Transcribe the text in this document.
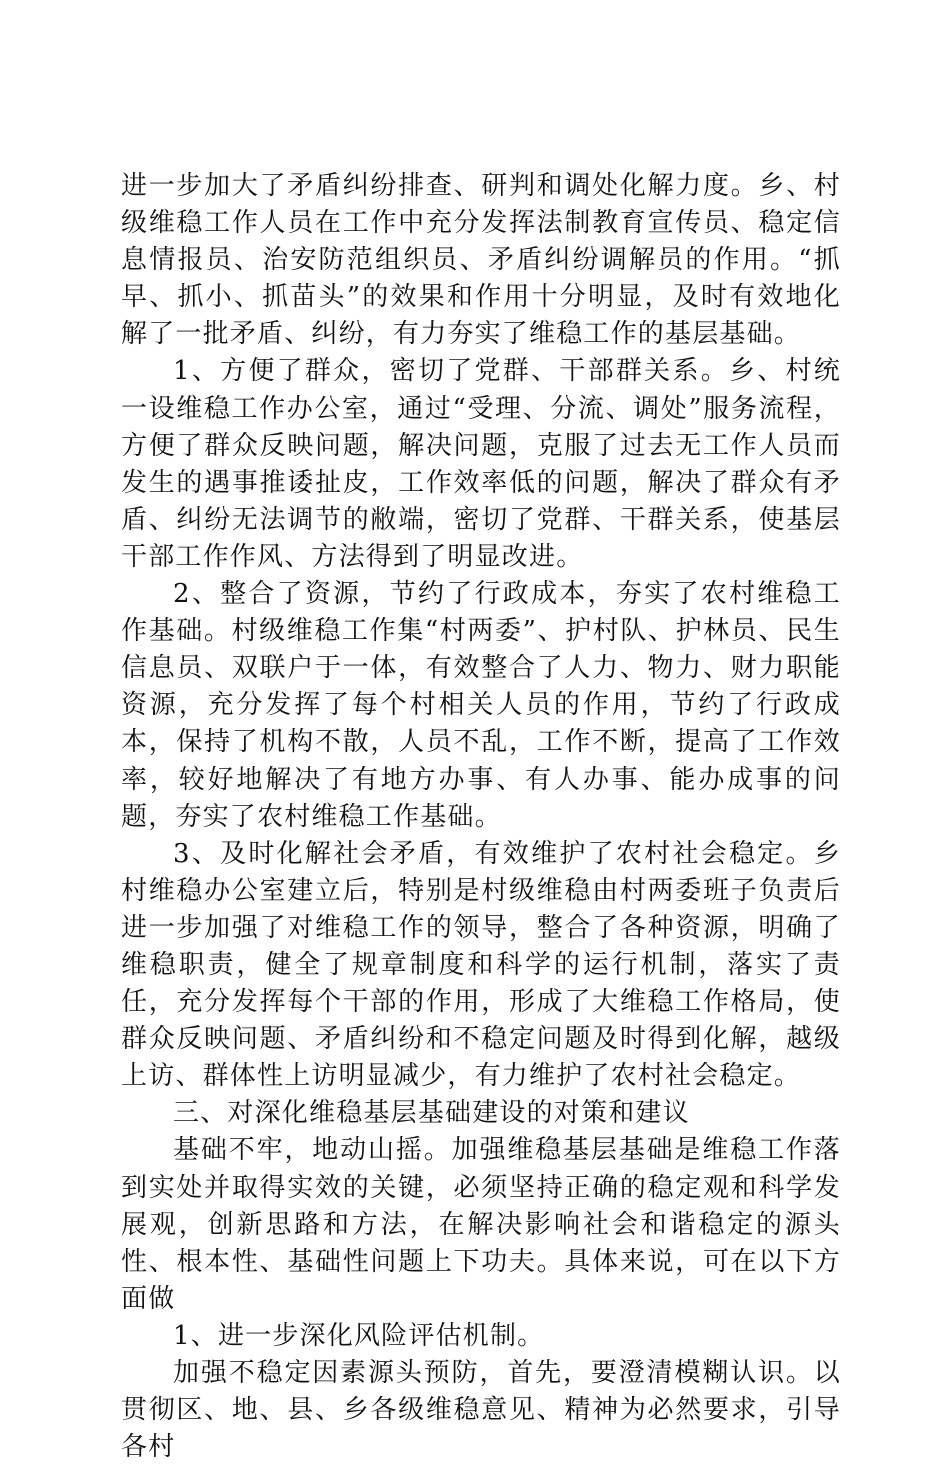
进一步加大了矛盾纠纷排查、研判和调处化解力度。乡、村级维稳工作人员在工作中充分发挥法制教育宣传员、稳定信息情报员、治安防范组织员、矛盾纠纷调解员的作用。“抓早、抓小、抓苗头”的效果和作用十分明显，及时有效地化解了一批矛盾、纠纷，有力夯实了维稳工作的基层基础。

1、方便了群众，密切了党群、干部群关系。乡、村统一设维稳工作办公室，通过“受理、分流、调处”服务流程，方便了群众反映问题，解决问题，克服了过去无工作人员而发生的遇事推诿扯皮，工作效率低的问题，解决了群众有矛盾、纠纷无法调节的敝端，密切了党群、干群关系，使基层干部工作作风、方法得到了明显改进。

2、整合了资源，节约了行政成本，夯实了农村维稳工作基础。村级维稳工作集“村两委”、护村队、护林员、民生信息员、双联户于一体，有效整合了人力、物力、财力职能资源，充分发挥了每个村相关人员的作用，节约了行政成本，保持了机构不散，人员不乱，工作不断，提高了工作效率，较好地解决了有地方办事、有人办事、能办成事的问题，夯实了农村维稳工作基础。

3、及时化解社会矛盾，有效维护了农村社会稳定。乡村维稳办公室建立后，特别是村级维稳由村两委班子负责后进一步加强了对维稳工作的领导，整合了各种资源，明确了维稳职责，健全了规章制度和科学的运行机制，落实了责任，充分发挥每个干部的作用，形成了大维稳工作格局，使群众反映问题、矛盾纠纷和不稳定问题及时得到化解，越级上访、群体性上访明显减少，有力维护了农村社会稳定。

三、对深化维稳基层基础建设的对策和建议

基础不牢，地动山摇。加强维稳基层基础是维稳工作落到实处并取得实效的关键，必须坚持正确的稳定观和科学发展观，创新思路和方法，在解决影响社会和谐稳定的源头性、根本性、基础性问题上下功夫。具体来说，可在以下方面做

1、进一步深化风险评估机制。

加强不稳定因素源头预防，首先，要澄清模糊认识。以贯彻区、地、县、乡各级维稳意见、精神为必然要求，引导各村
